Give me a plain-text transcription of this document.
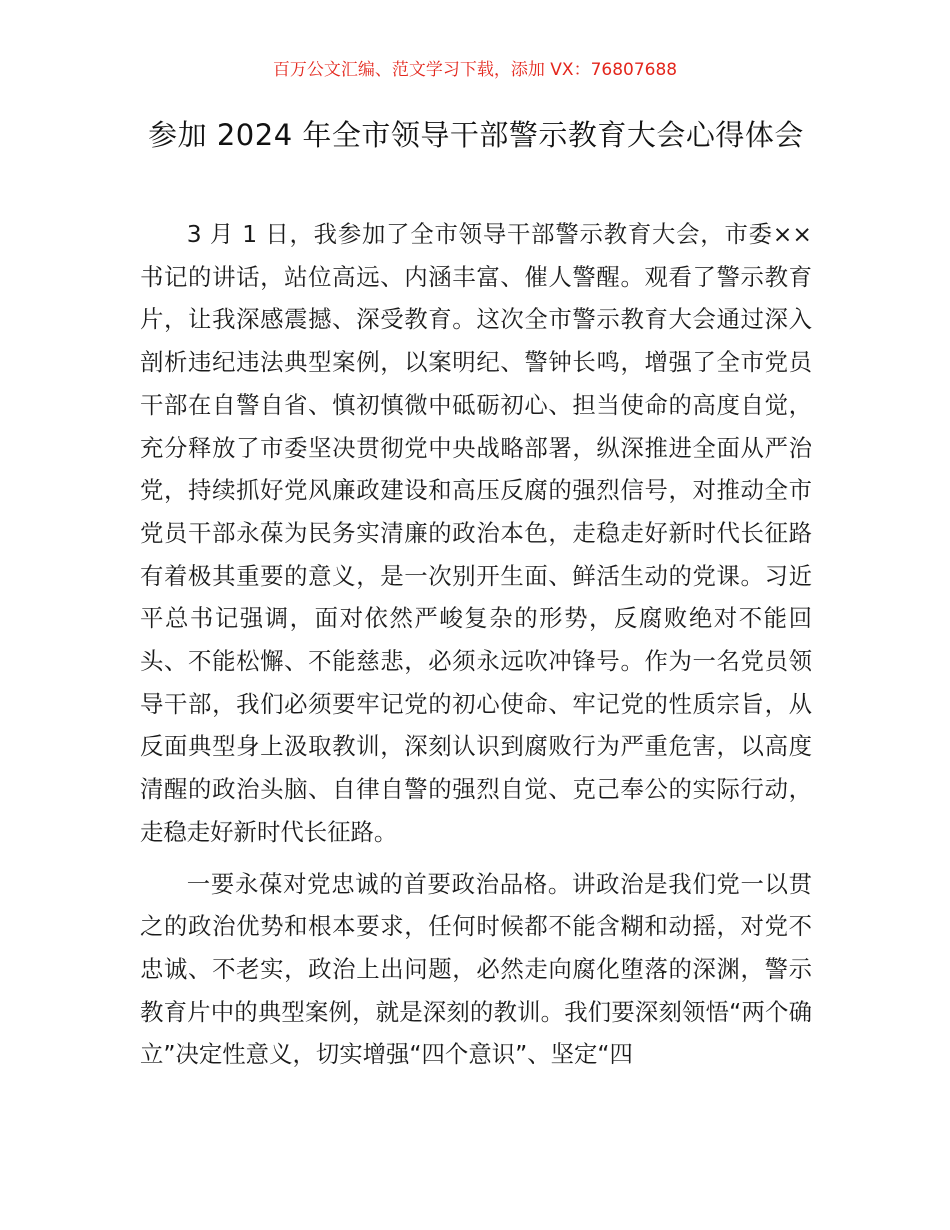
百万公文汇编、范文学习下载，添加 VX：76807688
参加 2024 年全市领导干部警示教育大会心得体会

3 月 1 日，我参加了全市领导干部警示教育大会，市委××书记的讲话，站位高远、内涵丰富、催人警醒。观看了警示教育片，让我深感震撼、深受教育。这次全市警示教育大会通过深入剖析违纪违法典型案例，以案明纪、警钟长鸣，增强了全市党员干部在自警自省、慎初慎微中砥砺初心、担当使命的高度自觉，充分释放了市委坚决贯彻党中央战略部署，纵深推进全面从严治党，持续抓好党风廉政建设和高压反腐的强烈信号，对推动全市党员干部永葆为民务实清廉的政治本色，走稳走好新时代长征路有着极其重要的意义，是一次别开生面、鲜活生动的党课。习近平总书记强调，面对依然严峻复杂的形势，反腐败绝对不能回头、不能松懈、不能慈悲，必须永远吹冲锋号。作为一名党员领导干部，我们必须要牢记党的初心使命、牢记党的性质宗旨，从反面典型身上汲取教训，深刻认识到腐败行为严重危害，以高度清醒的政治头脑、自律自警的强烈自觉、克己奉公的实际行动，走稳走好新时代长征路。

一要永葆对党忠诚的首要政治品格。讲政治是我们党一以贯之的政治优势和根本要求，任何时候都不能含糊和动摇，对党不忠诚、不老实，政治上出问题，必然走向腐化堕落的深渊，警示教育片中的典型案例，就是深刻的教训。我们要深刻领悟“两个确立”决定性意义，切实增强“四个意识”、坚定“四
